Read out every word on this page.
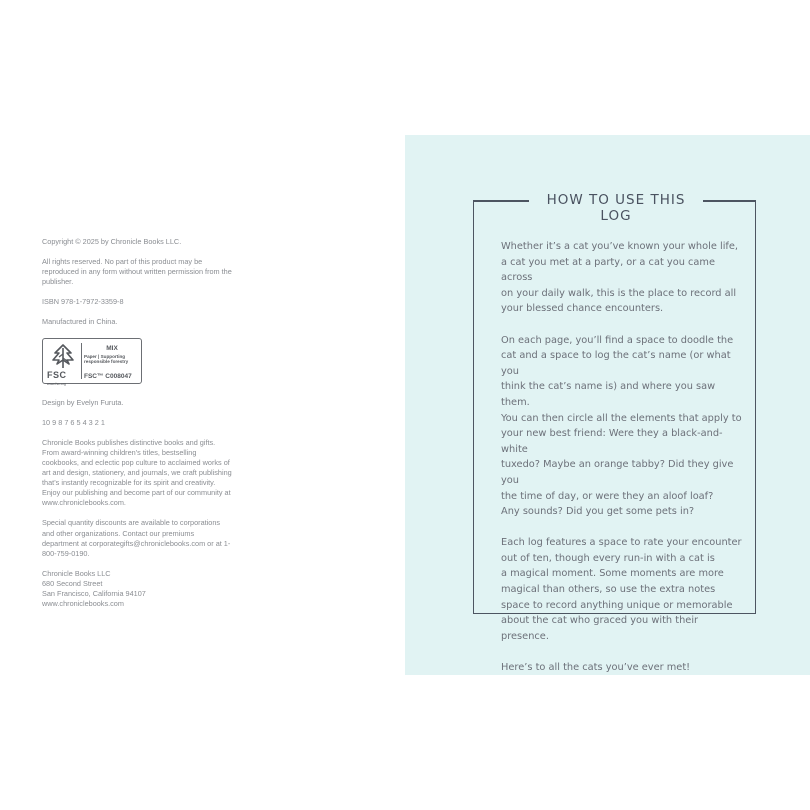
Copyright © 2025 by Chronicle Books LLC.

All rights reserved. No part of this product may be reproduced in any form without written permission from the publisher.

ISBN 978-1-7972-3359-8

Manufactured in China.

FSC
www.fsc.org
MIX
Paper | Supporting responsible forestry
FSC™ C008047

Design by Evelyn Furuta.

10 9 8 7 6 5 4 3 2 1

Chronicle Books publishes distinctive books and gifts. From award-winning children’s titles, bestselling cookbooks, and eclectic pop culture to acclaimed works of art and design, stationery, and journals, we craft publishing that’s instantly recognizable for its spirit and creativity. Enjoy our publishing and become part of our community at www.chroniclebooks.com.

Special quantity discounts are available to corporations and other organizations. Contact our premiums department at corporategifts@chroniclebooks.com or at 1-800-759-0190.

Chronicle Books LLC
680 Second Street
San Francisco, California 94107
www.chroniclebooks.com
HOW TO USE THIS LOG

Whether it’s a cat you’ve known your whole life,
a cat you met at a party, or a cat you came across
on your daily walk, this is the place to record all
your blessed chance encounters.

On each page, you’ll find a space to doodle the
cat and a space to log the cat’s name (or what you
think the cat’s name is) and where you saw them.
You can then circle all the elements that apply to
your new best friend: Were they a black-and-white
tuxedo? Maybe an orange tabby? Did they give you
the time of day, or were they an aloof loaf?
Any sounds? Did you get some pets in?

Each log features a space to rate your encounter
out of ten, though every run-in with a cat is
a magical moment. Some moments are more
magical than others, so use the extra notes
space to record anything unique or memorable
about the cat who graced you with their presence.

Here’s to all the cats you’ve ever met!
